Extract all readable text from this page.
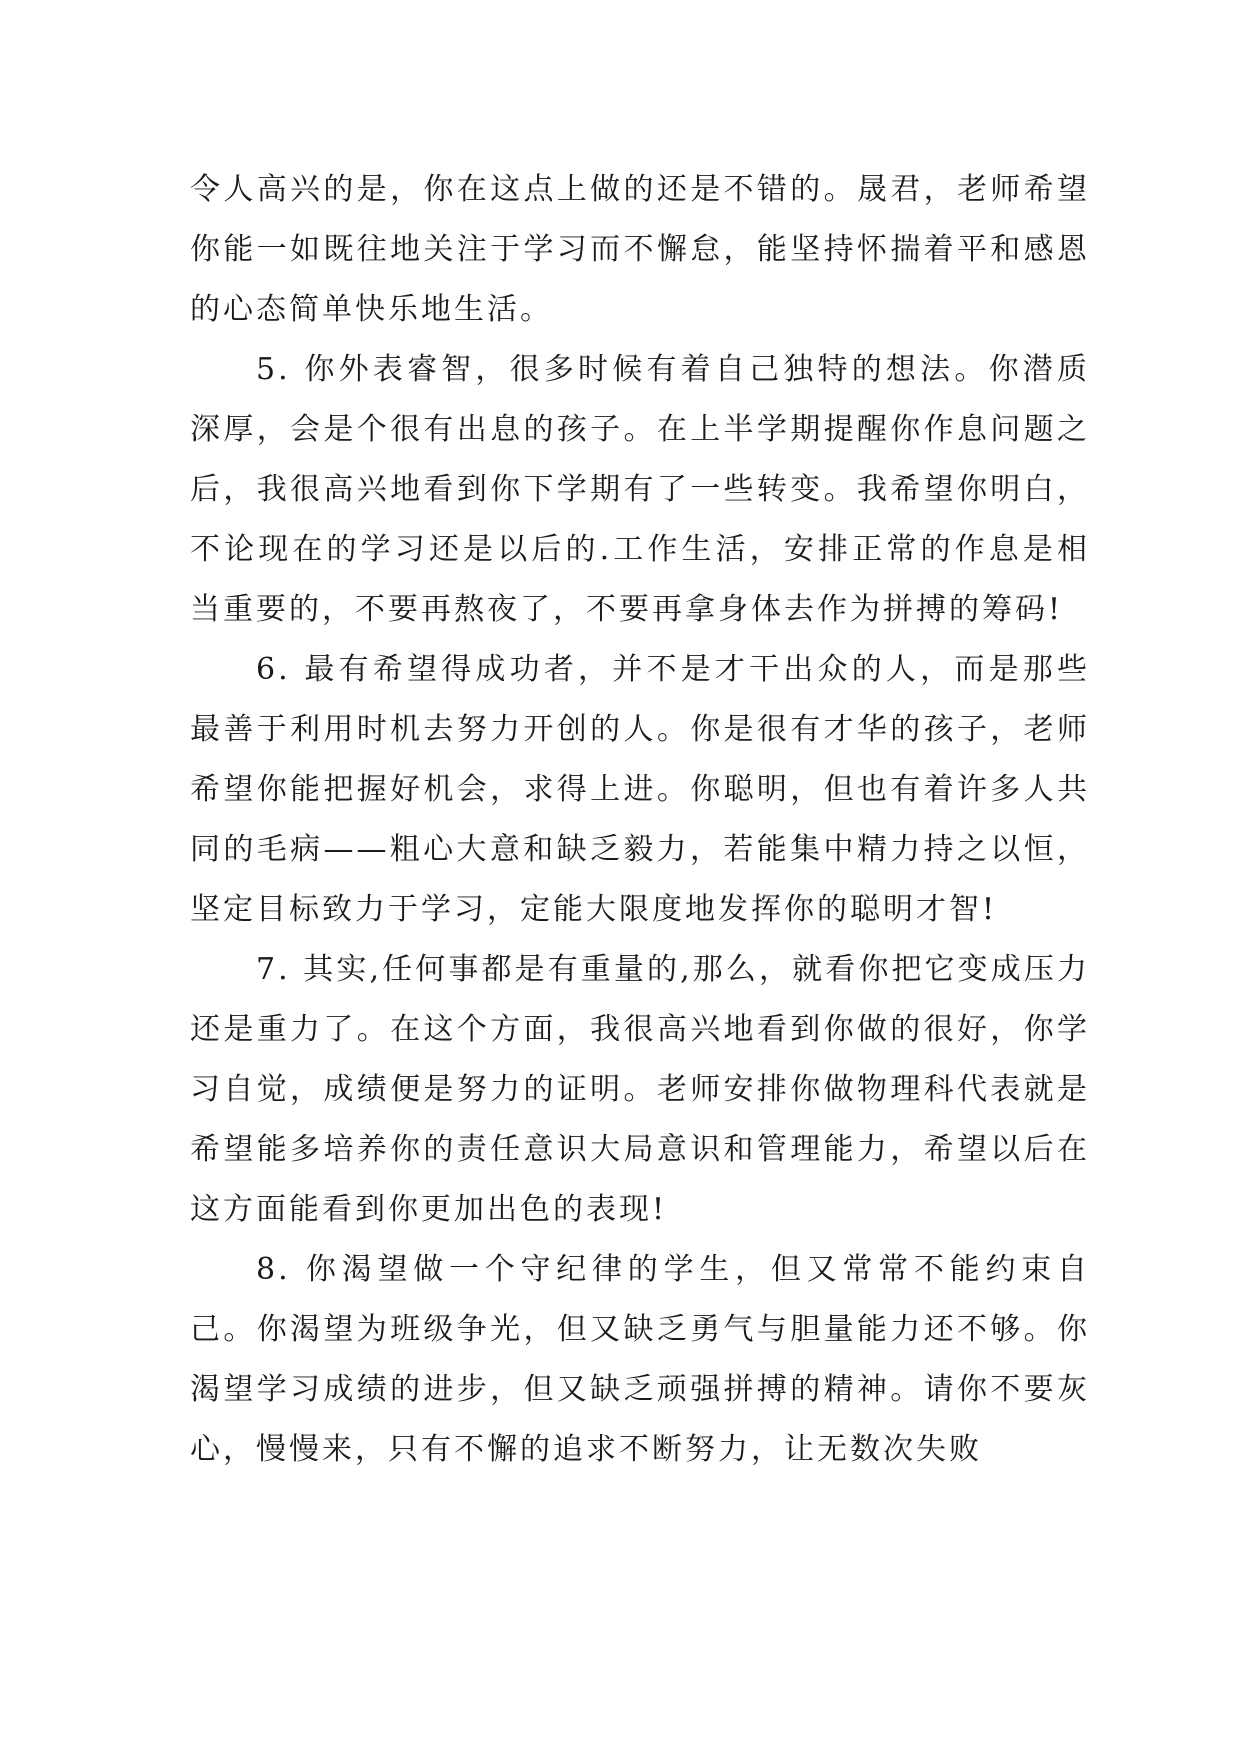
令人高兴的是，你在这点上做的还是不错的。晟君，老师希望你能一如既往地关注于学习而不懈怠，能坚持怀揣着平和感恩的心态简单快乐地生活。

5. 你外表睿智，很多时候有着自己独特的想法。你潜质深厚，会是个很有出息的孩子。在上半学期提醒你作息问题之后，我很高兴地看到你下学期有了一些转变。我希望你明白，不论现在的学习还是以后的.工作生活，安排正常的作息是相当重要的，不要再熬夜了，不要再拿身体去作为拼搏的筹码!

6. 最有希望得成功者，并不是才干出众的人，而是那些最善于利用时机去努力开创的人。你是很有才华的孩子，老师希望你能把握好机会，求得上进。你聪明，但也有着许多人共同的毛病——粗心大意和缺乏毅力，若能集中精力持之以恒，坚定目标致力于学习，定能大限度地发挥你的聪明才智!

7. 其实,任何事都是有重量的,那么，就看你把它变成压力还是重力了。在这个方面，我很高兴地看到你做的很好，你学习自觉，成绩便是努力的证明。老师安排你做物理科代表就是希望能多培养你的责任意识大局意识和管理能力，希望以后在这方面能看到你更加出色的表现!

8. 你渴望做一个守纪律的学生，但又常常不能约束自己。你渴望为班级争光，但又缺乏勇气与胆量能力还不够。你渴望学习成绩的进步，但又缺乏顽强拼搏的精神。请你不要灰心，慢慢来，只有不懈的追求不断努力，让无数次失败
